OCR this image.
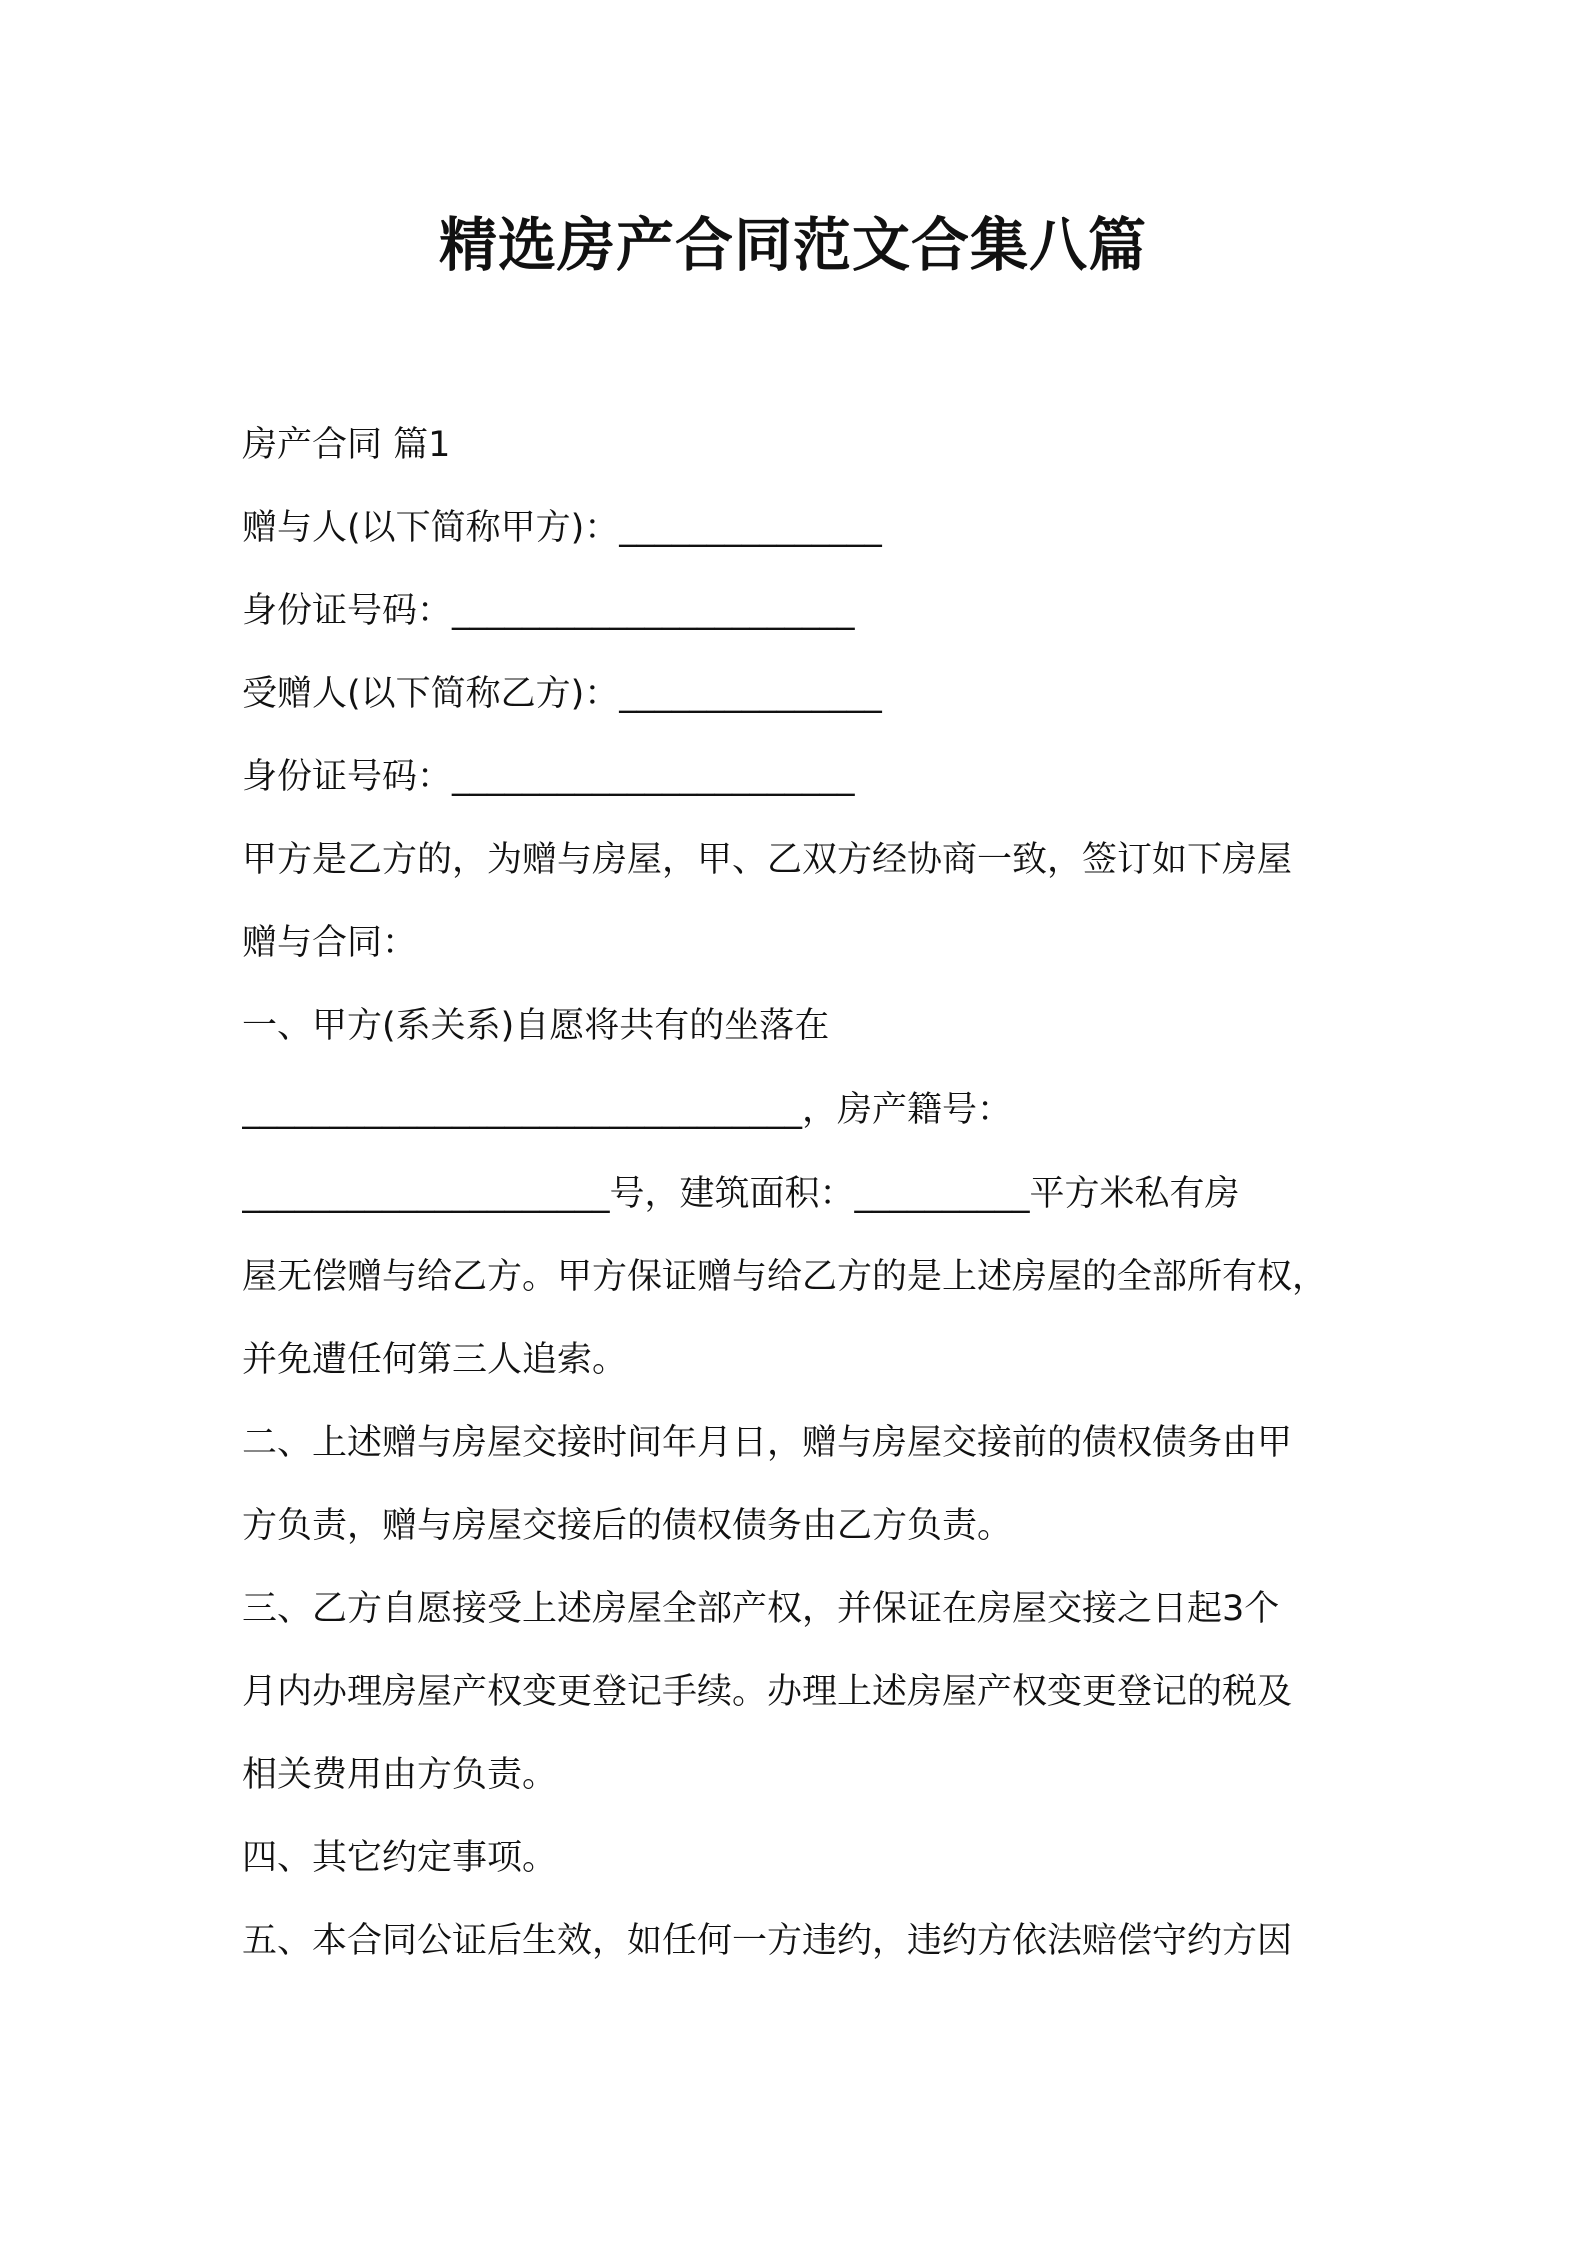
精选房产合同范文合集八篇
房产合同 篇1
赠与人(以下简称甲方)：_______________
身份证号码：_______________________
受赠人(以下简称乙方)：_______________
身份证号码：_______________________
甲方是乙方的，为赠与房屋，甲、乙双方经协商一致，签订如下房屋
赠与合同：
一、甲方(系关系)自愿将共有的坐落在
________________________________，房产籍号：
_____________________号，建筑面积：__________平方米私有房
屋无偿赠与给乙方。甲方保证赠与给乙方的是上述房屋的全部所有权，
并免遭任何第三人追索。
二、上述赠与房屋交接时间年月日，赠与房屋交接前的债权债务由甲
方负责，赠与房屋交接后的债权债务由乙方负责。
三、乙方自愿接受上述房屋全部产权，并保证在房屋交接之日起3个
月内办理房屋产权变更登记手续。办理上述房屋产权变更登记的税及
相关费用由方负责。
四、其它约定事项。
五、本合同公证后生效，如任何一方违约，违约方依法赔偿守约方因
